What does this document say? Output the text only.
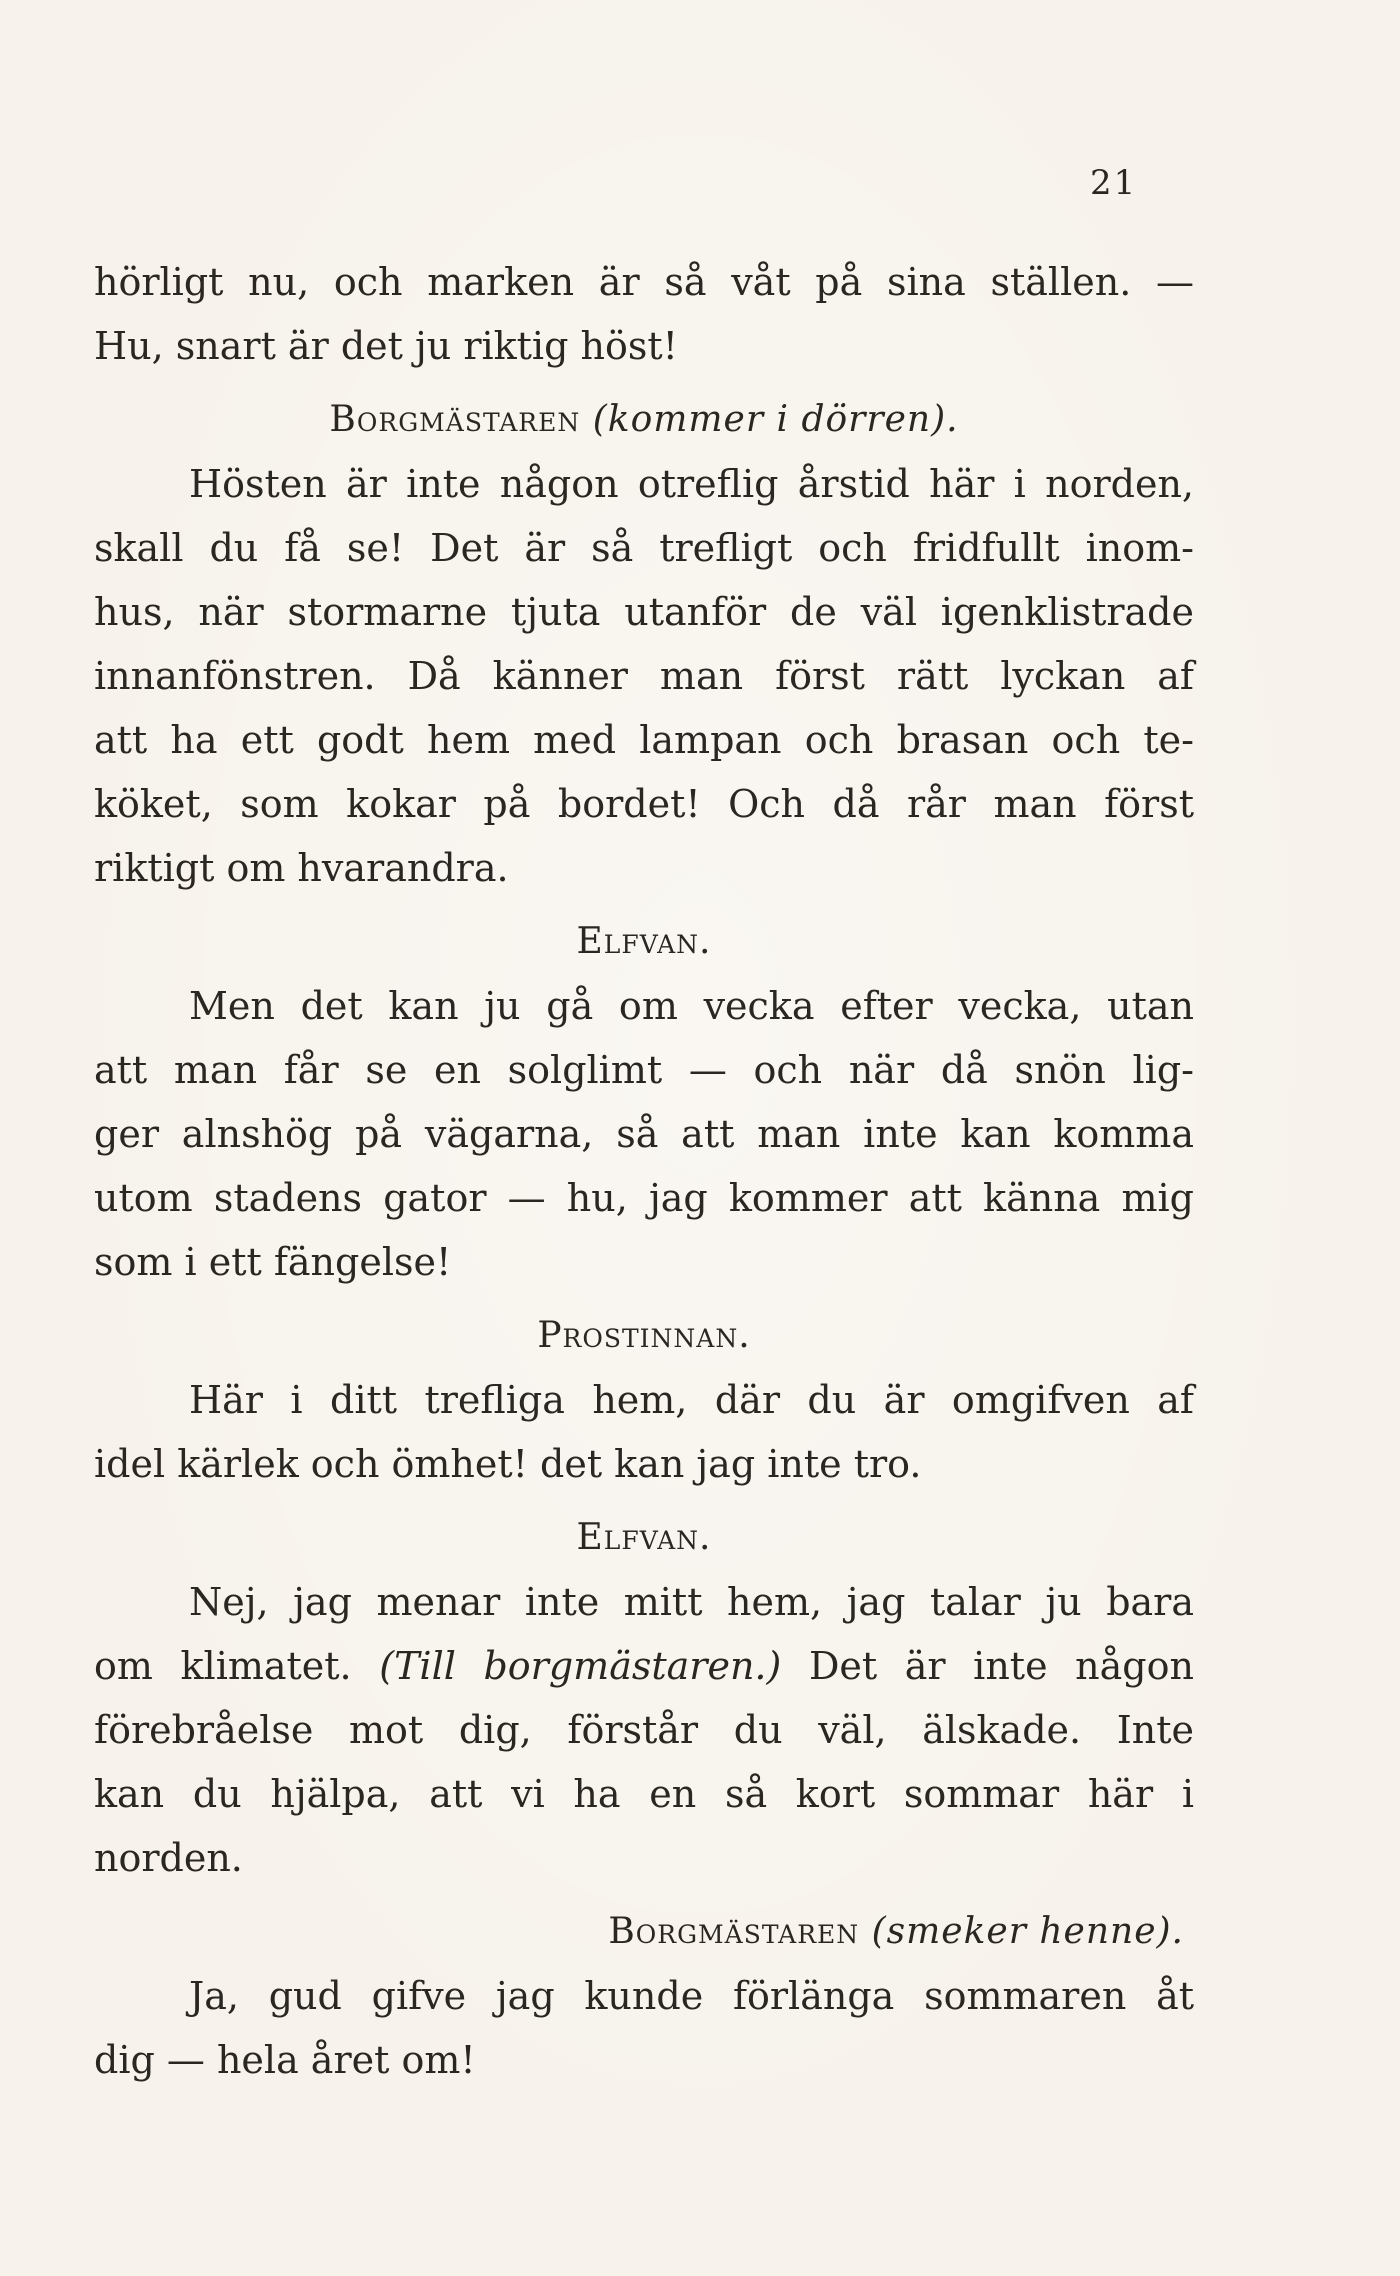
21
hörligt nu, och marken är så våt på sina ställen. —
Hu, snart är det ju riktig höst!
Borgmästaren (kommer i dörren).
Hösten är inte någon otreflig årstid här i norden,
skall du få se! Det är så trefligt och fridfullt inom-
hus, när stormarne tjuta utanför de väl igenklistrade
innanfönstren. Då känner man först rätt lyckan af
att ha ett godt hem med lampan och brasan och te-
köket, som kokar på bordet! Och då rår man först
riktigt om hvarandra.
Elfvan.
Men det kan ju gå om vecka efter vecka, utan
att man får se en solglimt — och när då snön lig-
ger alnshög på vägarna, så att man inte kan komma
utom stadens gator — hu, jag kommer att känna mig
som i ett fängelse!
Prostinnan.
Här i ditt trefliga hem, där du är omgifven af
idel kärlek och ömhet! det kan jag inte tro.
Elfvan.
Nej, jag menar inte mitt hem, jag talar ju bara
om klimatet. (Till borgmästaren.) Det är inte någon
förebråelse mot dig, förstår du väl, älskade. Inte
kan du hjälpa, att vi ha en så kort sommar här i
norden.
Borgmästaren (smeker henne).
Ja, gud gifve jag kunde förlänga sommaren åt
dig — hela året om!
